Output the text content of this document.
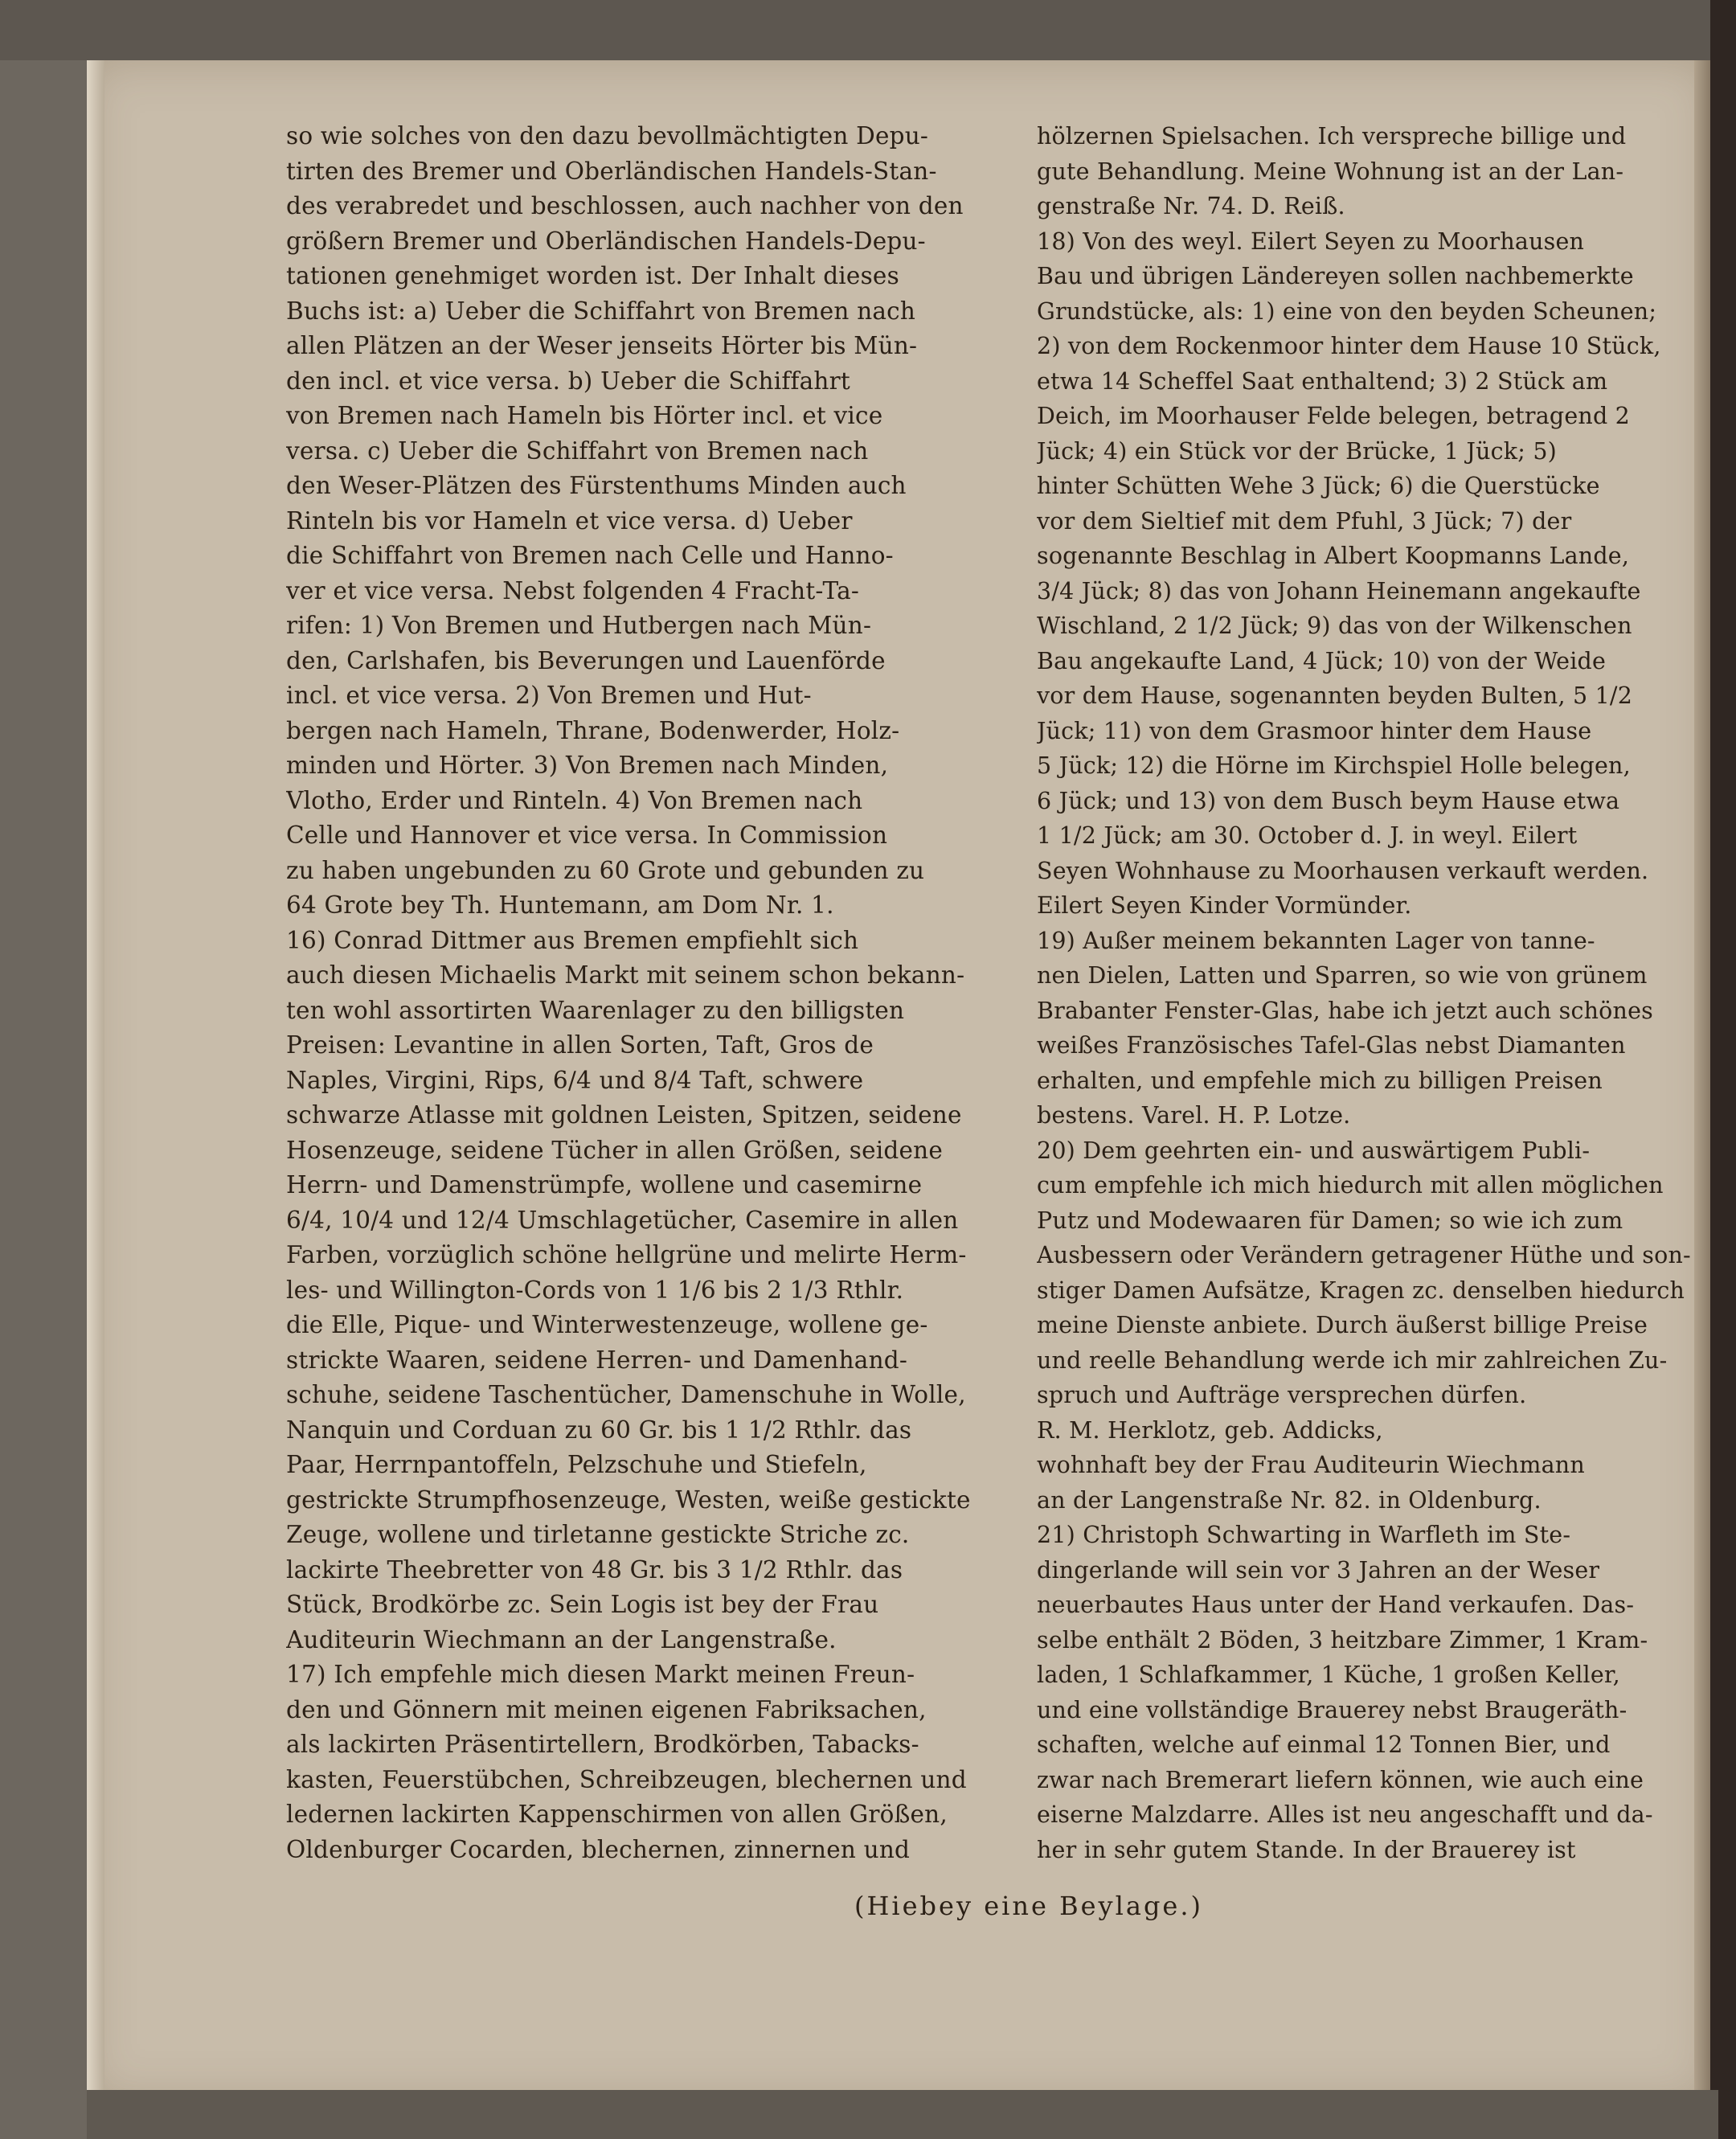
so wie solches von den dazu bevollmächtigten Depu-
tirten des Bremer und Oberländischen Handels-Stan-
des verabredet und beschlossen, auch nachher von den
größern Bremer und Oberländischen Handels-Depu-
tationen genehmiget worden ist. Der Inhalt dieses
Buchs ist: a) Ueber die Schiffahrt von Bremen nach
allen Plätzen an der Weser jenseits Hörter bis Mün-
den incl. et vice versa. b) Ueber die Schiffahrt
von Bremen nach Hameln bis Hörter incl. et vice
versa. c) Ueber die Schiffahrt von Bremen nach
den Weser-Plätzen des Fürstenthums Minden auch
Rinteln bis vor Hameln et vice versa. d) Ueber
die Schiffahrt von Bremen nach Celle und Hanno-
ver et vice versa. Nebst folgenden 4 Fracht-Ta-
rifen: 1) Von Bremen und Hutbergen nach Mün-
den, Carlshafen, bis Beverungen und Lauenförde
incl. et vice versa. 2) Von Bremen und Hut-
bergen nach Hameln, Thrane, Bodenwerder, Holz-
minden und Hörter. 3) Von Bremen nach Minden,
Vlotho, Erder und Rinteln. 4) Von Bremen nach
Celle und Hannover et vice versa. In Commission
zu haben ungebunden zu 60 Grote und gebunden zu
64 Grote bey Th. Huntemann, am Dom Nr. 1.
16) Conrad Dittmer aus Bremen empfiehlt sich
auch diesen Michaelis Markt mit seinem schon bekann-
ten wohl assortirten Waarenlager zu den billigsten
Preisen: Levantine in allen Sorten, Taft, Gros de
Naples, Virgini, Rips, 6/4 und 8/4 Taft, schwere
schwarze Atlasse mit goldnen Leisten, Spitzen, seidene
Hosenzeuge, seidene Tücher in allen Größen, seidene
Herrn- und Damenstrümpfe, wollene und casemirne
6/4, 10/4 und 12/4 Umschlagetücher, Casemire in allen
Farben, vorzüglich schöne hellgrüne und melirte Herm-
les- und Willington-Cords von 1 1/6 bis 2 1/3 Rthlr.
die Elle, Pique- und Winterwestenzeuge, wollene ge-
strickte Waaren, seidene Herren- und Damenhand-
schuhe, seidene Taschentücher, Damenschuhe in Wolle,
Nanquin und Corduan zu 60 Gr. bis 1 1/2 Rthlr. das
Paar, Herrnpantoffeln, Pelzschuhe und Stiefeln,
gestrickte Strumpfhosenzeuge, Westen, weiße gestickte
Zeuge, wollene und tirletanne gestickte Striche zc.
lackirte Theebretter von 48 Gr. bis 3 1/2 Rthlr. das
Stück, Brodkörbe zc. Sein Logis ist bey der Frau
Auditeurin Wiechmann an der Langenstraße.
17) Ich empfehle mich diesen Markt meinen Freun-
den und Gönnern mit meinen eigenen Fabriksachen,
als lackirten Präsentirtellern, Brodkörben, Tabacks-
kasten, Feuerstübchen, Schreibzeugen, blechernen und
ledernen lackirten Kappenschirmen von allen Größen,
Oldenburger Cocarden, blechernen, zinnernen und
hölzernen Spielsachen. Ich verspreche billige und
gute Behandlung. Meine Wohnung ist an der Lan-
genstraße Nr. 74. D. Reiß.
18) Von des weyl. Eilert Seyen zu Moorhausen
Bau und übrigen Ländereyen sollen nachbemerkte
Grundstücke, als: 1) eine von den beyden Scheunen;
2) von dem Rockenmoor hinter dem Hause 10 Stück,
etwa 14 Scheffel Saat enthaltend; 3) 2 Stück am
Deich, im Moorhauser Felde belegen, betragend 2
Jück; 4) ein Stück vor der Brücke, 1 Jück; 5)
hinter Schütten Wehe 3 Jück; 6) die Querstücke
vor dem Sieltief mit dem Pfuhl, 3 Jück; 7) der
sogenannte Beschlag in Albert Koopmanns Lande,
3/4 Jück; 8) das von Johann Heinemann angekaufte
Wischland, 2 1/2 Jück; 9) das von der Wilkenschen
Bau angekaufte Land, 4 Jück; 10) von der Weide
vor dem Hause, sogenannten beyden Bulten, 5 1/2
Jück; 11) von dem Grasmoor hinter dem Hause
5 Jück; 12) die Hörne im Kirchspiel Holle belegen,
6 Jück; und 13) von dem Busch beym Hause etwa
1 1/2 Jück; am 30. October d. J. in weyl. Eilert
Seyen Wohnhause zu Moorhausen verkauft werden.
Eilert Seyen Kinder Vormünder.
19) Außer meinem bekannten Lager von tanne-
nen Dielen, Latten und Sparren, so wie von grünem
Brabanter Fenster-Glas, habe ich jetzt auch schönes
weißes Französisches Tafel-Glas nebst Diamanten
erhalten, und empfehle mich zu billigen Preisen
bestens. Varel. H. P. Lotze.
20) Dem geehrten ein- und auswärtigem Publi-
cum empfehle ich mich hiedurch mit allen möglichen
Putz und Modewaaren für Damen; so wie ich zum
Ausbessern oder Verändern getragener Hüthe und son-
stiger Damen Aufsätze, Kragen zc. denselben hiedurch
meine Dienste anbiete. Durch äußerst billige Preise
und reelle Behandlung werde ich mir zahlreichen Zu-
spruch und Aufträge versprechen dürfen.
R. M. Herklotz, geb. Addicks,
wohnhaft bey der Frau Auditeurin Wiechmann
an der Langenstraße Nr. 82. in Oldenburg.
21) Christoph Schwarting in Warfleth im Ste-
dingerlande will sein vor 3 Jahren an der Weser
neuerbautes Haus unter der Hand verkaufen. Das-
selbe enthält 2 Böden, 3 heitzbare Zimmer, 1 Kram-
laden, 1 Schlafkammer, 1 Küche, 1 großen Keller,
und eine vollständige Brauerey nebst Braugeräth-
schaften, welche auf einmal 12 Tonnen Bier, und
zwar nach Bremerart liefern können, wie auch eine
eiserne Malzdarre. Alles ist neu angeschafft und da-
her in sehr gutem Stande. In der Brauerey ist
(Hiebey eine Beylage.)
